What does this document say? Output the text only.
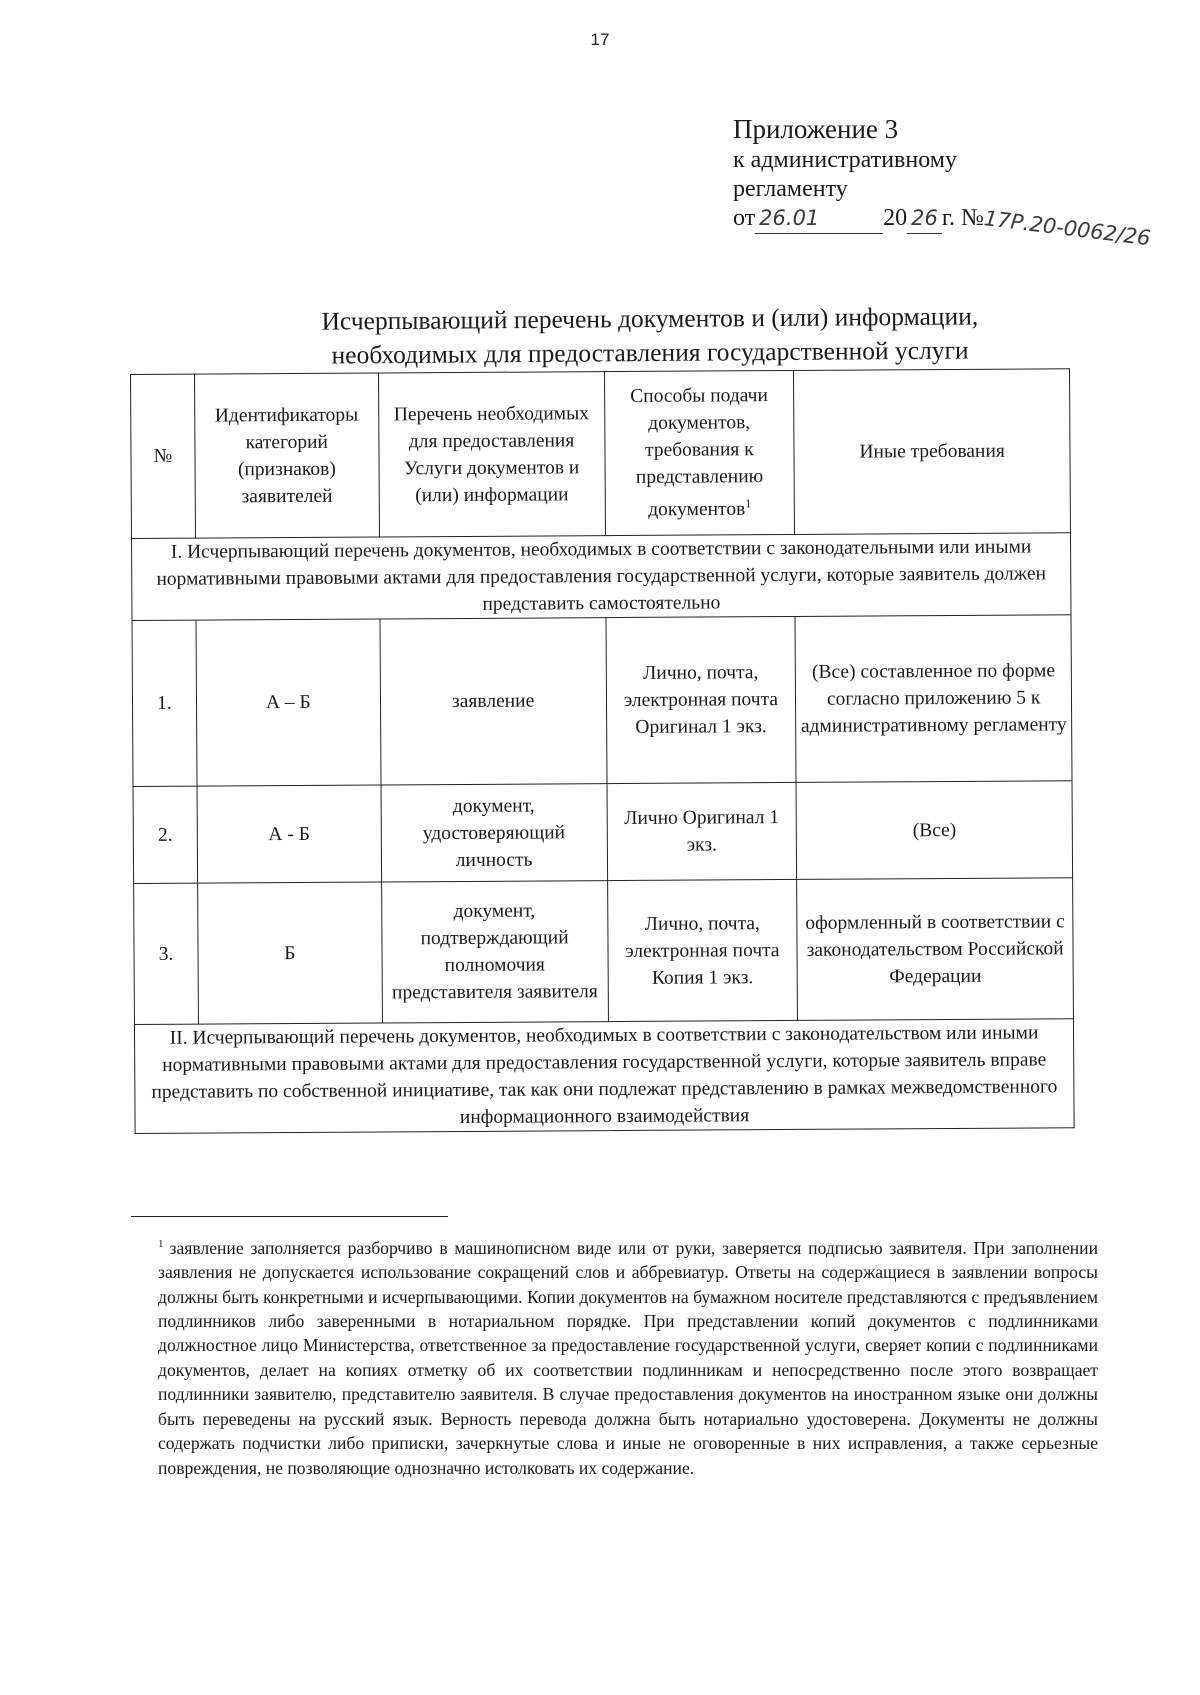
17
Приложение 3
к административному
регламенту
от 26.01	20 26 г. №17Р.20-0062/26
Исчерпывающий перечень документов и (или) информации,
необходимых для предоставления государственной услуги
№	Идентификаторы категорий (признаков) заявителей	Перечень необходимых для предоставления Услуги документов и (или) информации	Способы подачи документов, требования к представлению документов$^1$	Иные требования
I. Исчерпывающий перечень документов, необходимых в соответствии с законодательными или иными нормативными правовыми актами для предоставления государственной услуги, которые заявитель должен представить самостоятельно				
1.	А – Б	заявление	Лично, почта, электронная почта Оригинал 1 экз.	(Все) составленное по форме согласно приложению 5 к административному регламенту
2.	А - Б	документ, удостоверяющий личность	Лично Оригинал 1 экз.	(Все)
3.	Б	документ, подтверждающий полномочия представителя заявителя	Лично, почта, электронная почта Копия 1 экз.	оформленный в соответствии с законодательством Российской Федерации
II. Исчерпывающий перечень документов, необходимых в соответствии с законодательством или иными нормативными правовыми актами для предоставления государственной услуги, которые заявитель вправе представить по собственной инициативе, так как они подлежат представлению в рамках межведомственного информационного взаимодействия				
$^1$ заявление заполняется разборчиво в машинописном виде или от руки, заверяется подписью заявителя. При заполнении заявления не допускается использование сокращений слов и аббревиатур. Ответы на содержащиеся в заявлении вопросы должны быть конкретными и исчерпывающими. Копии документов на бумажном носителе представляются с предъявлением подлинников либо заверенными в нотариальном порядке. При представлении копий документов с подлинниками должностное лицо Министерства, ответственное за предоставление государственной услуги, сверяет копии с подлинниками документов, делает на копиях отметку об их соответствии подлинникам и непосредственно после этого возвращает подлинники заявителю, представителю заявителя. В случае предоставления документов на иностранном языке они должны быть переведены на русский язык. Верность перевода должна быть нотариально удостоверена. Документы не должны содержать подчистки либо приписки, зачеркнутые слова и иные не оговоренные в них исправления, а также серьезные повреждения, не позволяющие однозначно истолковать их содержание.
